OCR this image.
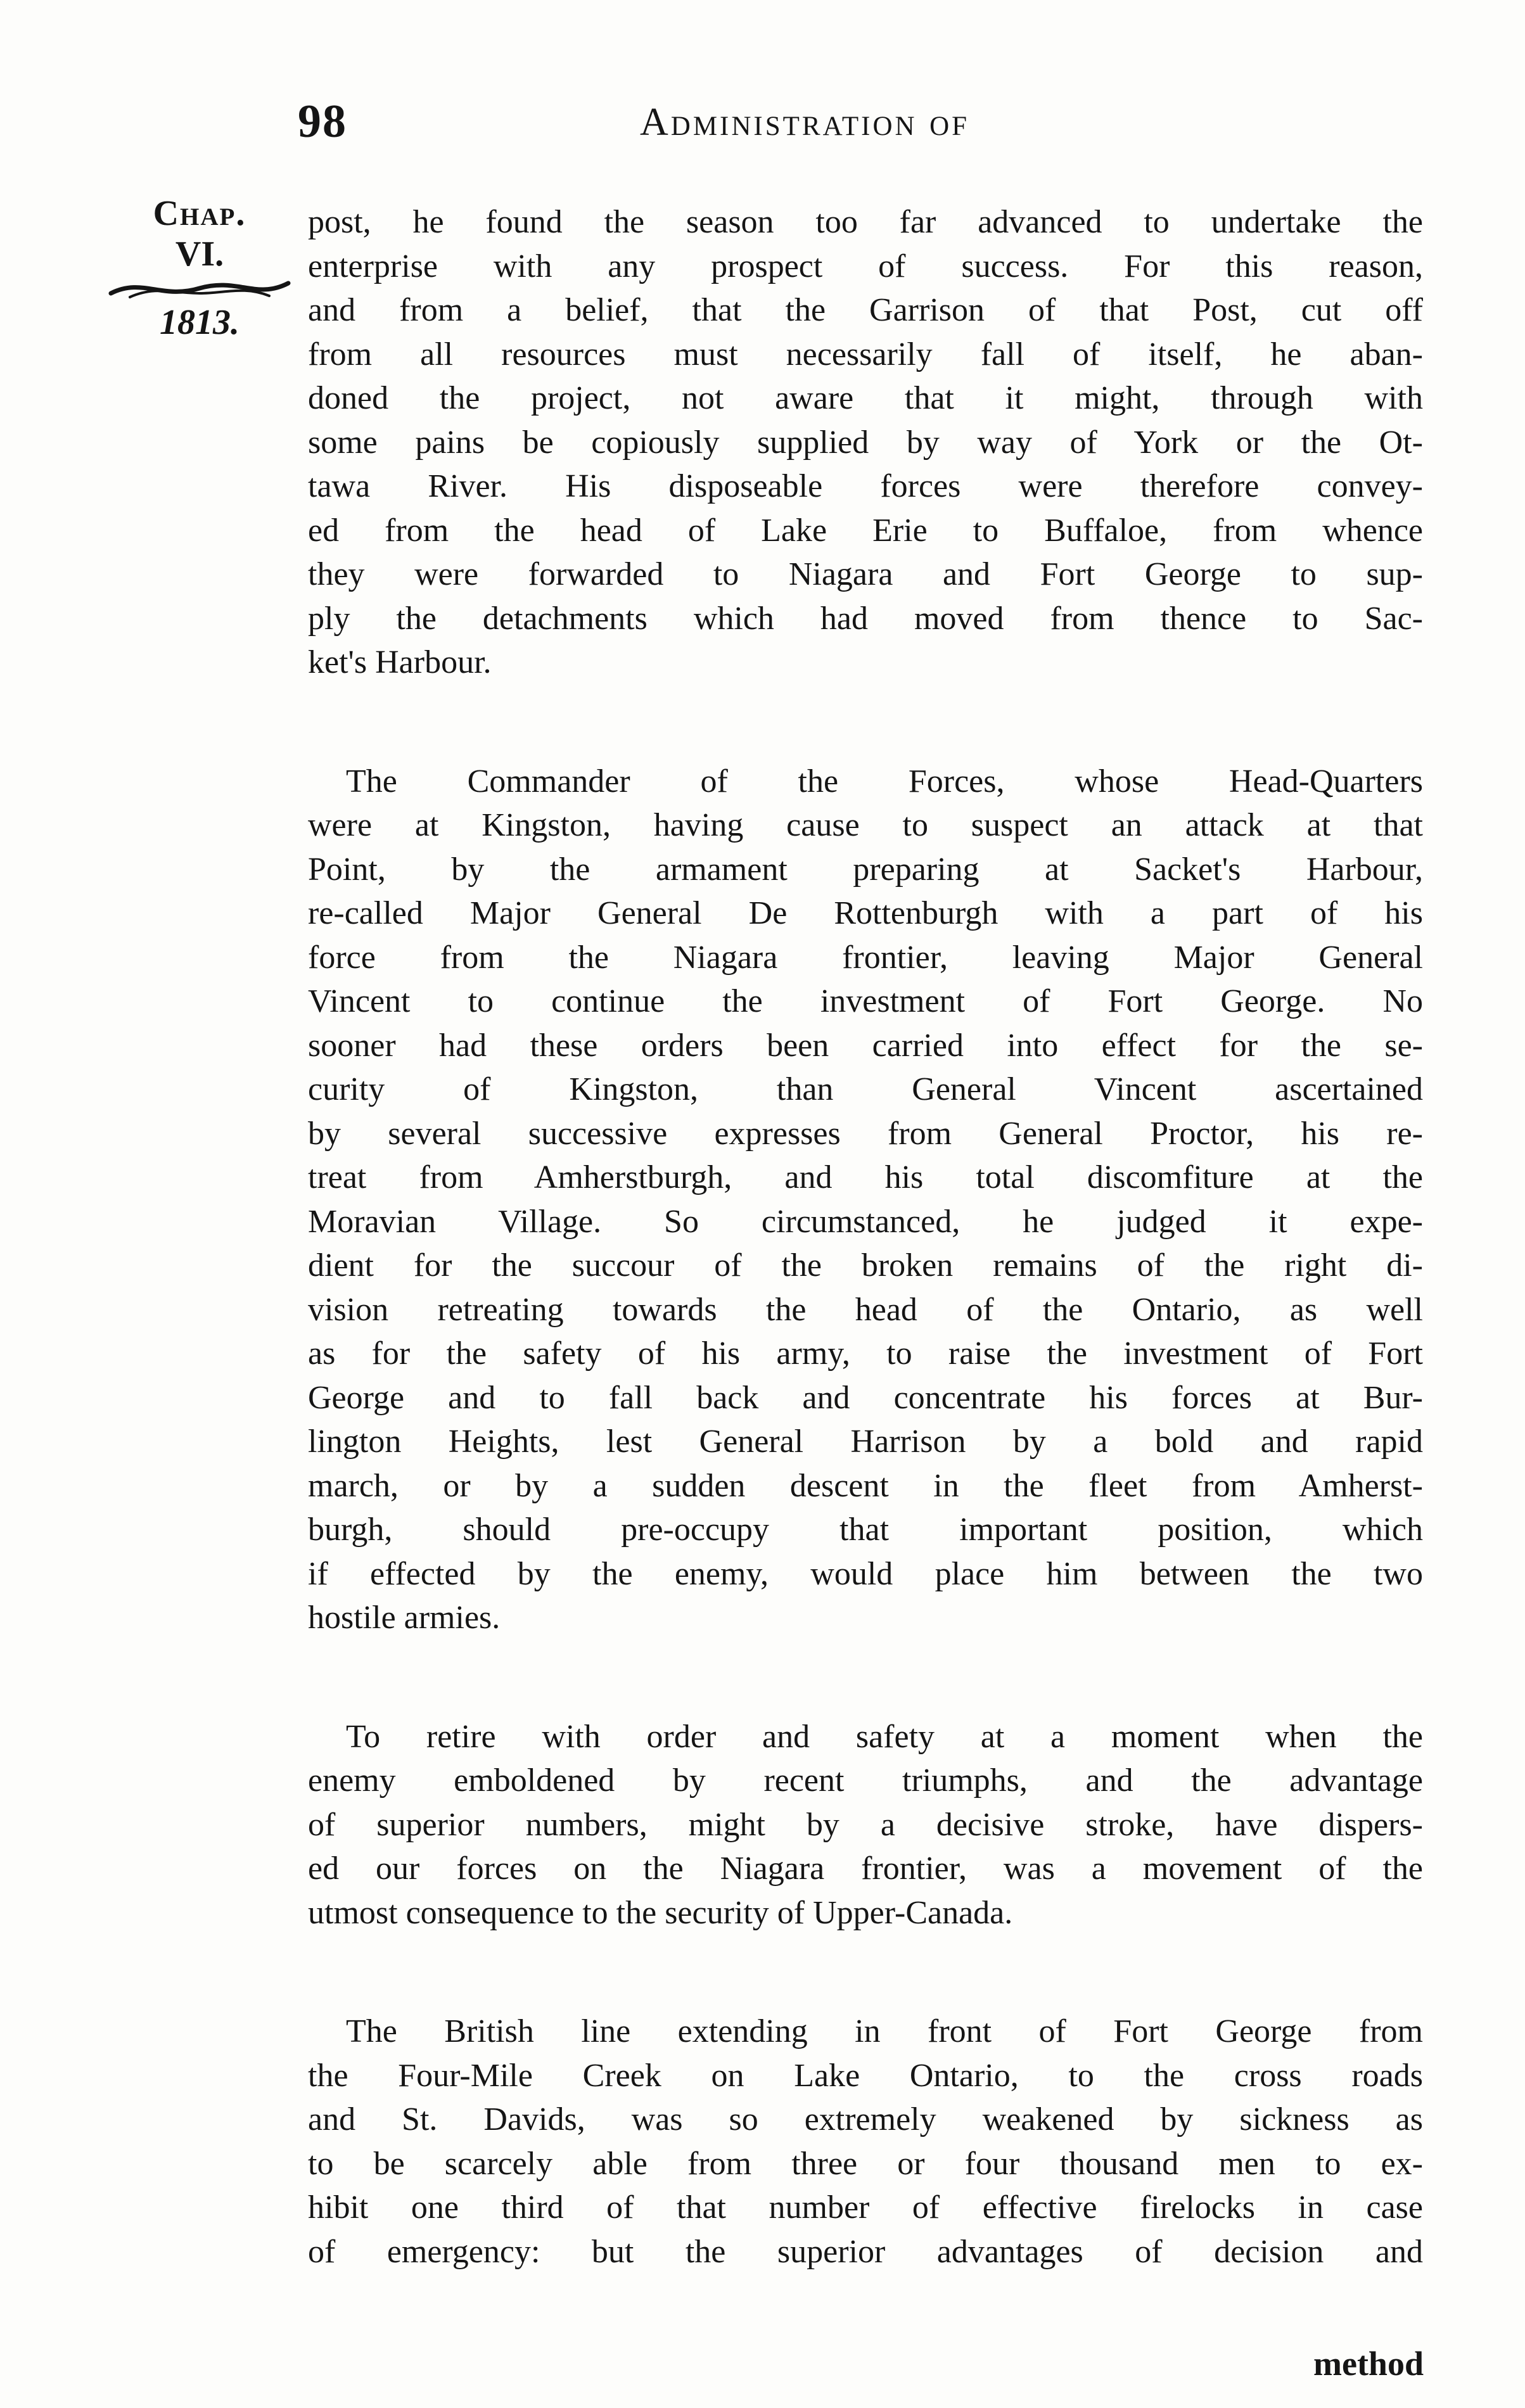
98	Administration of
Chap.
VI.
1813.
post, he found the season too far advanced to undertake the
enterprise with any prospect of success. For this reason,
and from a belief, that the Garrison of that Post, cut off
from all resources must necessarily fall of itself, he aban-
doned the project, not aware that it might, through with
some pains be copiously supplied by way of York or the Ot-
tawa River. His disposeable forces were therefore convey-
ed from the head of Lake Erie to Buffaloe, from whence
they were forwarded to Niagara and Fort George to sup-
ply the detachments which had moved from thence to Sac-
ket's Harbour.
The Commander of the Forces, whose Head-Quarters
were at Kingston, having cause to suspect an attack at that
Point, by the armament preparing at Sacket's Harbour,
re-called Major General De Rottenburgh with a part of his
force from the Niagara frontier, leaving Major General
Vincent to continue the investment of Fort George. No
sooner had these orders been carried into effect for the se-
curity of Kingston, than General Vincent ascertained
by several successive expresses from General Proctor, his re-
treat from Amherstburgh, and his total discomfiture at the
Moravian Village. So circumstanced, he judged it expe-
dient for the succour of the broken remains of the right di-
vision retreating towards the head of the Ontario, as well
as for the safety of his army, to raise the investment of Fort
George and to fall back and concentrate his forces at Bur-
lington Heights, lest General Harrison by a bold and rapid
march, or by a sudden descent in the fleet from Amherst-
burgh, should pre-occupy that important position, which
if effected by the enemy, would place him between the two
hostile armies.
To retire with order and safety at a moment when the
enemy emboldened by recent triumphs, and the advantage
of superior numbers, might by a decisive stroke, have dispers-
ed our forces on the Niagara frontier, was a movement of the
utmost consequence to the security of Upper-Canada.
The British line extending in front of Fort George from
the Four-Mile Creek on Lake Ontario, to the cross roads
and St. Davids, was so extremely weakened by sickness as
to be scarcely able from three or four thousand men to ex-
hibit one third of that number of effective firelocks in case
of emergency: but the superior advantages of decision and
method
